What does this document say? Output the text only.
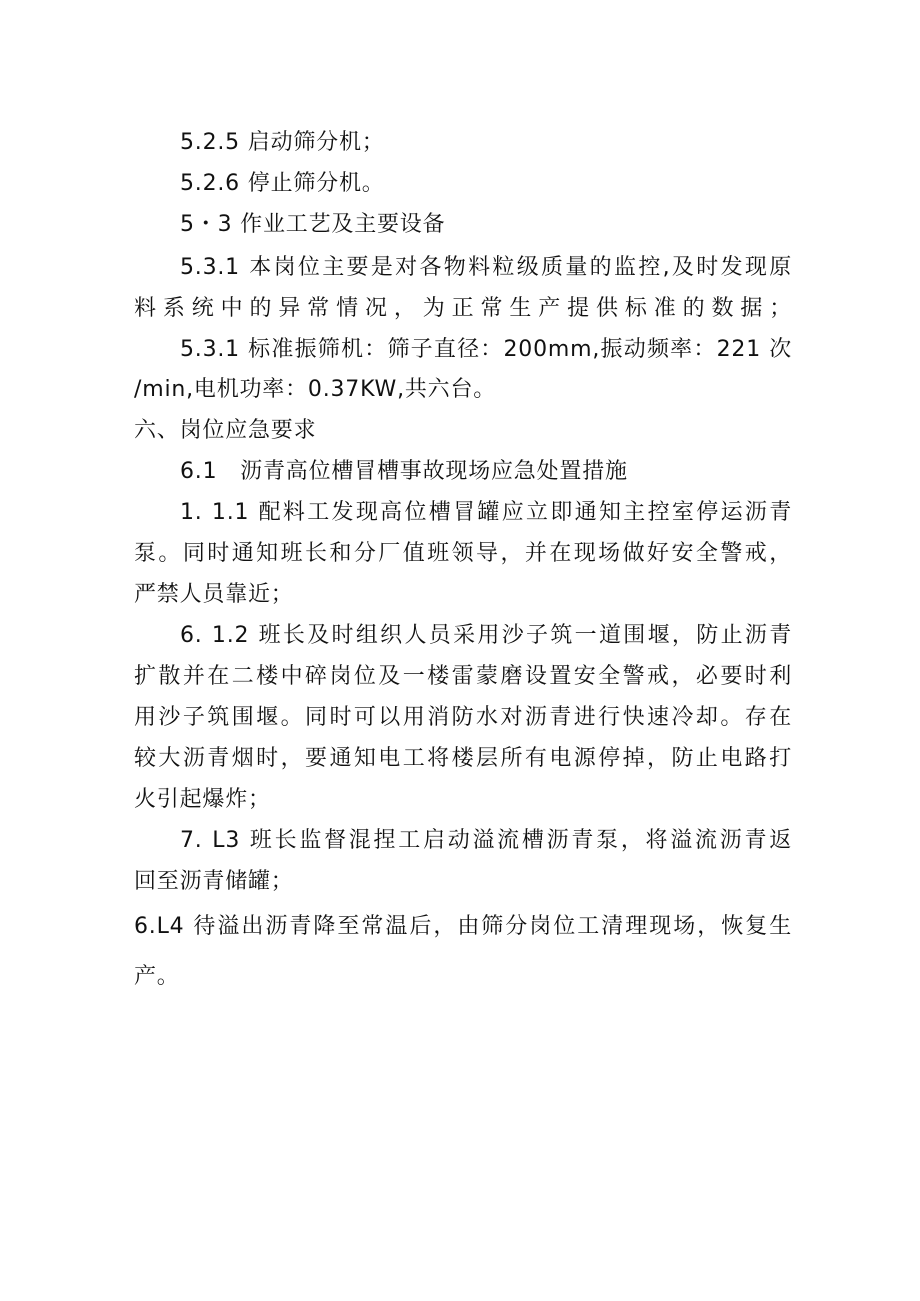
5.2.5 启动筛分机；
5.2.6 停止筛分机。
5・3 作业工艺及主要设备
5.3.1 本岗位主要是对各物料粒级质量的监控,及时发现原
料系统中的异常情况，为正常生产提供标准的数据；
5.3.1 标准振筛机：筛子直径：200mm,振动频率：221 次
/min,电机功率：0.37KW,共六台。
六、岗位应急要求
6.1　沥青高位槽冒槽事故现场应急处置措施
1. 1.1 配料工发现高位槽冒罐应立即通知主控室停运沥青
泵。同时通知班长和分厂值班领导，并在现场做好安全警戒，
严禁人员靠近；
6. 1.2 班长及时组织人员采用沙子筑一道围堰，防止沥青
扩散并在二楼中碎岗位及一楼雷蒙磨设置安全警戒，必要时利
用沙子筑围堰。同时可以用消防水对沥青进行快速冷却。存在
较大沥青烟时，要通知电工将楼层所有电源停掉，防止电路打
火引起爆炸；
7. L3 班长监督混捏工启动溢流槽沥青泵，将溢流沥青返
回至沥青储罐；
6.L4 待溢出沥青降至常温后，由筛分岗位工清理现场，恢复生
产。
